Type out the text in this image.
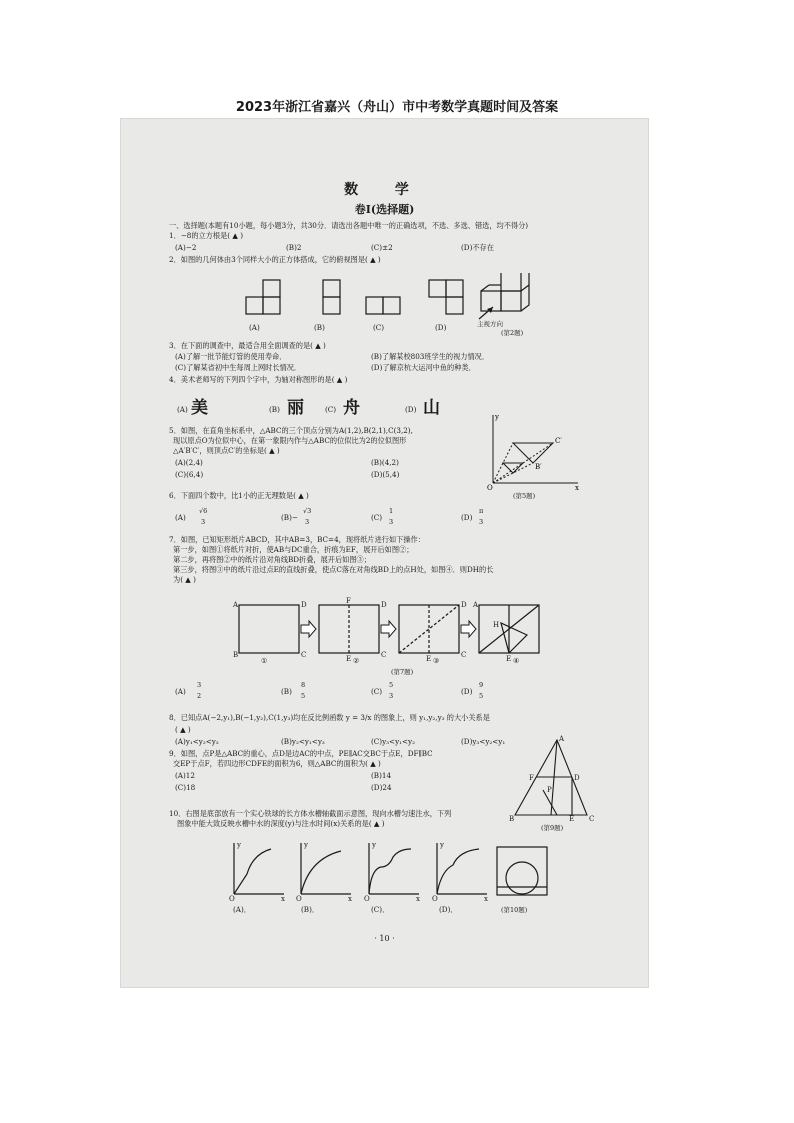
2023年浙江省嘉兴（舟山）市中考数学真题时间及答案
数 学
卷Ⅰ(选择题)
一、选择题(本题有10小题，每小题3分，共30分．请选出各题中唯一的正确选项，不选、多选、错选，均不得分)
1．−8的立方根是( ▲ )
(A)−2	(B)2	(C)±2	(D)不存在
2．如图的几何体由3个同样大小的正方体搭成，它的俯视图是( ▲ )
(A)	(B)	(C)	(D)	主视方向
(第2题)
3．在下面的调查中，最适合用全面调查的是( ▲ )
(A)了解一批节能灯管的使用寿命．	(B)了解某校803班学生的视力情况．
(C)了解某省初中生每周上网时长情况．	(D)了解京杭大运河中鱼的种类．
4．美术老师写的下列四个字中，为轴对称图形的是( ▲ )
(A) 美	(B) 丽	(C) 舟	(D) 山
5．如图，在直角坐标系中，△ABC的三个顶点分别为A(1,2),B(2,1),C(3,2),
现以原点O为位似中心，在第一象限内作与△ABC的位似比为2的位似图形
△A′B′C′，则顶点C′的坐标是( ▲ )
(A)(2,4)	(B)(4,2)
(C)(6,4)	(D)(5,4)
O
y
x
C′
B′
(第5题)
6．下面四个数中，比1小的正无理数是( ▲ )
(A)
√6
3	(B)−
√3
3	(C)
1
3	(D)
π
3
7．如图，已知矩形纸片ABCD，其中AB=3，BC=4，现将纸片进行如下操作：
第一步，如图①将纸片对折，使AB与DC重合，折痕为EF，展开后如图②；
第二步，再将图②中的纸片沿对角线BD折叠，展开后如图③；
第三步，将图③中的纸片沿过点E的直线折叠，使点C落在对角线BD上的点H处，如图④．则DH的长
为( ▲ )
A	D
B	C
F	D
C
E
D
C
E
A
H
E
①	②	③	④
(第7题)
(A)
3
2	(B)
8
5	(C)
5
3	(D)
9
5
8．已知点A(−2,y₁),B(−1,y₂),C(1,y₃)均在反比例函数 y = 3/x 的图象上，则 y₁,y₂,y₃ 的大小关系是
( ▲ )
(A)y₁<y₂<y₃	(B)y₂<y₁<y₃	(C)y₃<y₁<y₂	(D)y₃<y₂<y₁
9．如图，点P是△ABC的重心，点D是边AC的中点，PE∥AC交BC于点E，DF∥BC
交EP于点F，若四边形CDFE的面积为6，则△ABC的面积为( ▲ )
(A)12	(B)14
(C)18	(D)24
A
B	C
D
F
P
E
(第9题)
10．右图是底部放有一个实心铁球的长方体水槽轴截面示意图，现向水槽匀速注水，下列
图象中能大致反映水槽中水的深度(y)与注水时间(x)关系的是( ▲ )
O	x
y
O	x
y
O	x
y
O	x
y
(A)．	(B)．	(C)．	(D)．	(第10题)
· 10 ·
